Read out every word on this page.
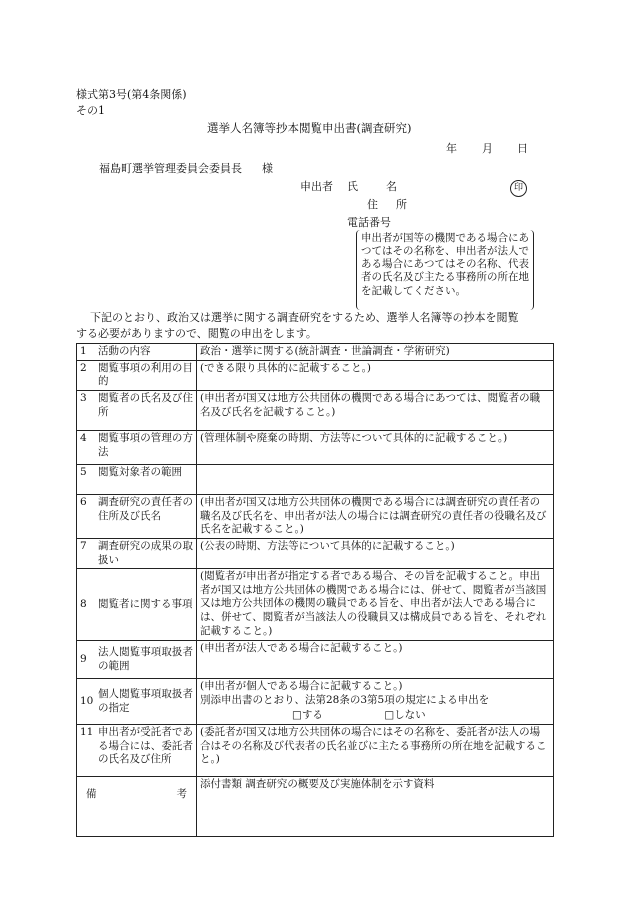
様式第3号(第4条関係)
その1
選挙人名簿等抄本閲覧申出書(調査研究)
年 月 日
福島町選挙管理委員会委員長 様
申出者 氏	名	印
住 所
電話番号
申出者が国等の機関である場合にあつてはその名称を、申出者が法人である場合にあつてはその名称、代表者の氏名及び主たる事務所の所在地を記載してください。
下記のとおり、政治又は選挙に関する調査研究をするため、選挙人名簿等の抄本を閲覧
する必要がありますので、閲覧の申出をします。
1	活動の内容	政治・選挙に関する(統計調査・世論調査・学術研究)
2	閲覧事項の利用の目的	(できる限り具体的に記載すること。)
3	閲覧者の氏名及び住所	(申出者が国又は地方公共団体の機関である場合にあつては、閲覧者の職名及び氏名を記載すること。)
4	閲覧事項の管理の方法	(管理体制や廃棄の時期、方法等について具体的に記載すること。)
5	閲覧対象者の範囲	

6	調査研究の責任者の住所及び氏名	(申出者が国又は地方公共団体の機関である場合には調査研究の責任者の職名及び氏名を、申出者が法人の場合には調査研究の責任者の役職名及び氏名を記載すること。)
7	調査研究の成果の取扱い	(公表の時期、方法等について具体的に記載すること。)
8	閲覧者に関する事項	(閲覧者が申出者が指定する者である場合、その旨を記載すること。申出者が国又は地方公共団体の機関である場合には、併せて、閲覧者が当該国又は地方公共団体の機関の職員である旨を、申出者が法人である場合には、併せて、閲覧者が当該法人の役職員又は構成員である旨を、それぞれ記載すること。)
9	法人閲覧事項取扱者の範囲	(申出者が法人である場合に記載すること。)
10	個人閲覧事項取扱者の指定	(申出者が個人である場合に記載すること。)
別添申出書のとおり、法第28条の3第5項の規定による申出を
□する □しない

11	申出者が受託者である場合には、委託者の氏名及び住所	(委託者が国又は地方公共団体の場合にはその名称を、委託者が法人の場合はその名称及び代表者の氏名並びに主たる事務所の所在地を記載すること。)

備 考		添付書類 調査研究の概要及び実施体制を示す資料
